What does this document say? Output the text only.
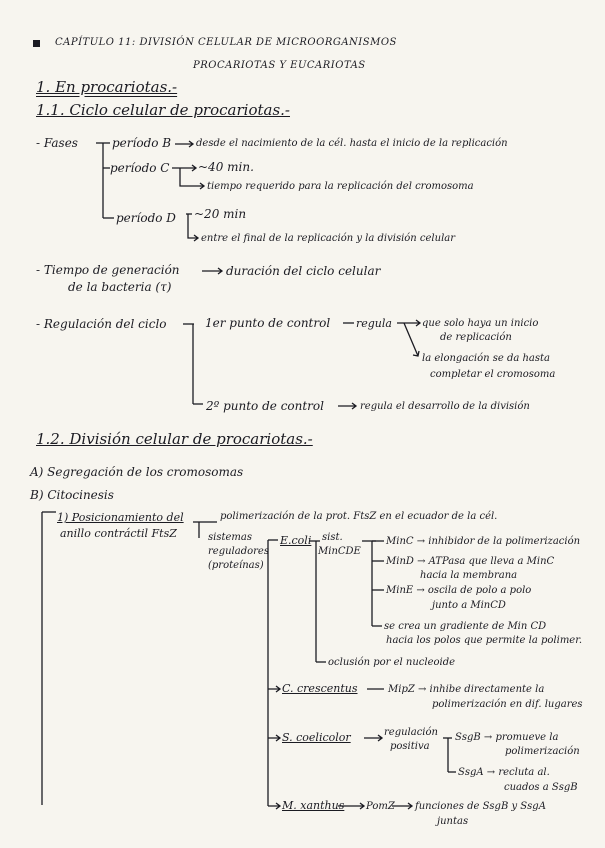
CAPÍTULO 11: DIVISIÓN CELULAR DE MICROORGANISMOS
PROCARIOTAS Y EUCARIOTAS
1. En procariotas.-
1.1. Ciclo celular de procariotas.-
- Fases	período B desde el nacimiento de la cél. hasta el inicio de la replicación
período C ~40 min.
tiempo requerido para la replicación del cromosoma
período D ~20 min
entre el final de la replicación y la división celular
- Tiempo de generación
de la bacteria (τ)
duración del ciclo celular
- Regulación del ciclo	1er punto de control regula	que solo haya un inicio
de replicación
la elongación se da hasta
completar el cromosoma
2º punto de control	regula el desarrollo de la división
1.2. División celular de procariotas.-
A) Segregación de los cromosomas
B) Citocinesis
1) Posicionamiento del
anillo contráctil FtsZ
polimerización de la prot. FtsZ en el ecuador de la cél.
sistemas
reguladores
(proteínas)
E.coli sist.
MinCDE
MinC → inhibidor de la polimerización
MinD → ATPasa que lleva a MinC
hacia la membrana
MinE → oscila de polo a polo
junto a MinCD
se crea un gradiente de Min CD
hacia los polos que permite la polimer.
oclusión por el nucleoide
C. crescentus	MipZ → inhibe directamente la
polimerización en dif. lugares
S. coelicolor	regulación
positiva
SsgB → promueve la
polimerización
SsgA → recluta al.
cuados a SsgB
M. xanthus PomZ funciones de SsgB y SsgA
juntas
